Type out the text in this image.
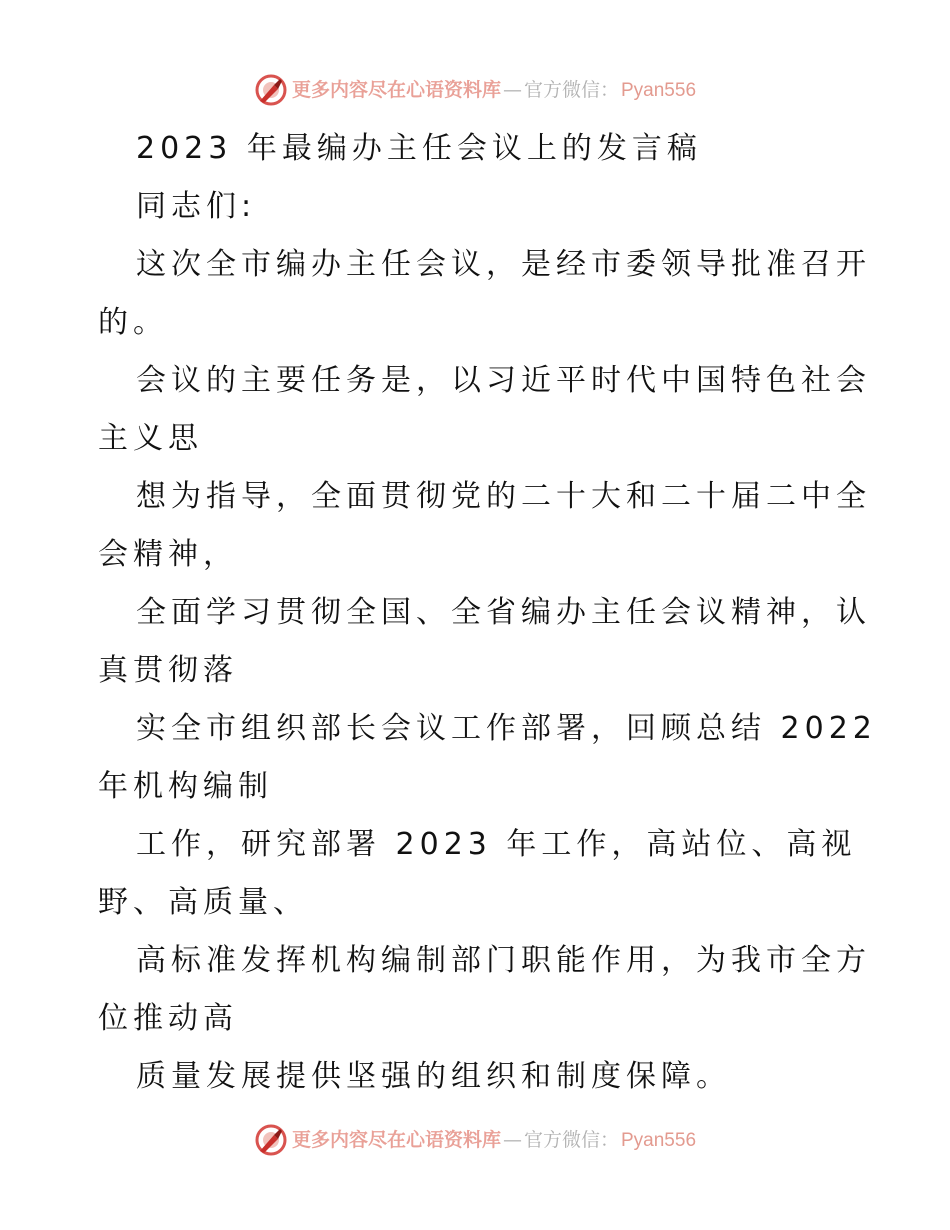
更多内容尽在心语资料库 — 官方微信： Pyan556
2023 年最编办主任会议上的发言稿
同志们:
这次全市编办主任会议，是经市委领导批准召开
的。
会议的主要任务是，以习近平时代中国特色社会
主义思
想为指导，全面贯彻党的二十大和二十届二中全
会精神，
全面学习贯彻全国、全省编办主任会议精神，认
真贯彻落
实全市组织部长会议工作部署，回顾总结 2022
年机构编制
工作，研究部署 2023 年工作，高站位、高视
野、高质量、
高标准发挥机构编制部门职能作用，为我市全方
位推动高
质量发展提供坚强的组织和制度保障。
更多内容尽在心语资料库 — 官方微信： Pyan556
